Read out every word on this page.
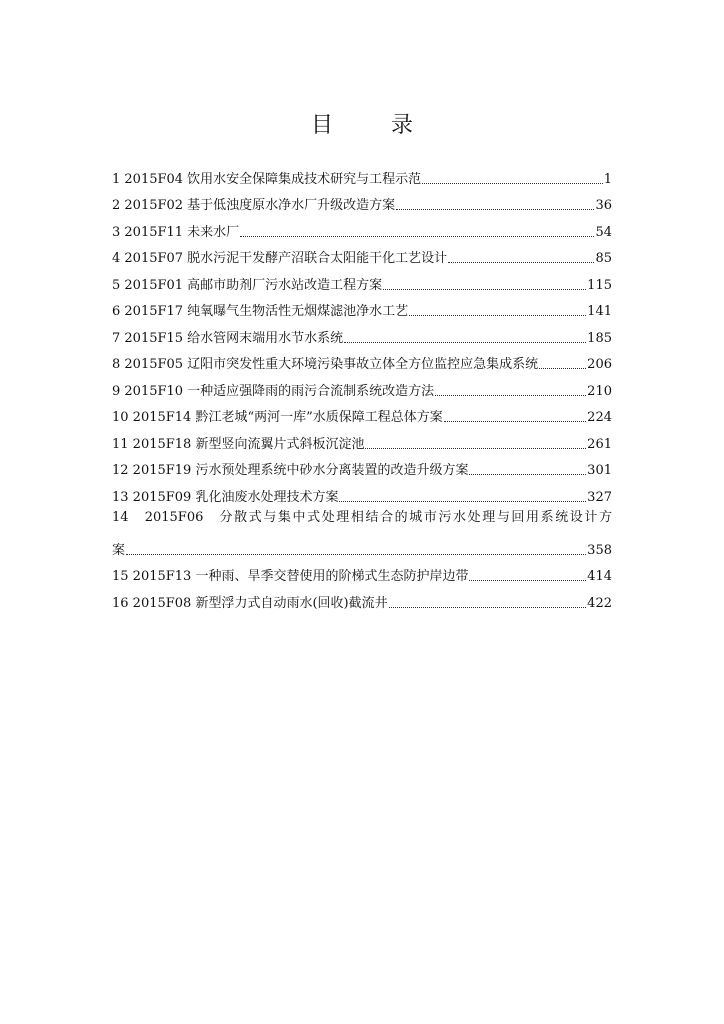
目　录
1 2015F04 饮用水安全保障集成技术研究与工程示范	1
2 2015F02 基于低浊度原水净水厂升级改造方案	36
3 2015F11 未来水厂	54
4 2015F07 脱水污泥干发酵产沼联合太阳能干化工艺设计	85
5 2015F01 高邮市助剂厂污水站改造工程方案	115
6 2015F17 纯氧曝气生物活性无烟煤滤池净水工艺	141
7 2015F15 给水管网末端用水节水系统	185
8 2015F05 辽阳市突发性重大环境污染事故立体全方位监控应急集成系统	206
9 2015F10 一种适应强降雨的雨污合流制系统改造方法	210
10 2015F14 黔江老城“两河一库”水质保障工程总体方案	224
11 2015F18 新型竖向流翼片式斜板沉淀池	261
12 2015F19 污水预处理系统中砂水分离装置的改造升级方案	301
13 2015F09 乳化油废水处理技术方案	327
14　2015F06　分散式与集中式处理相结合的城市污水处理与回用系统设计方
案	358
15 2015F13 一种雨、旱季交替使用的阶梯式生态防护岸边带	414
16 2015F08 新型浮力式自动雨水(回收)截流井	422
